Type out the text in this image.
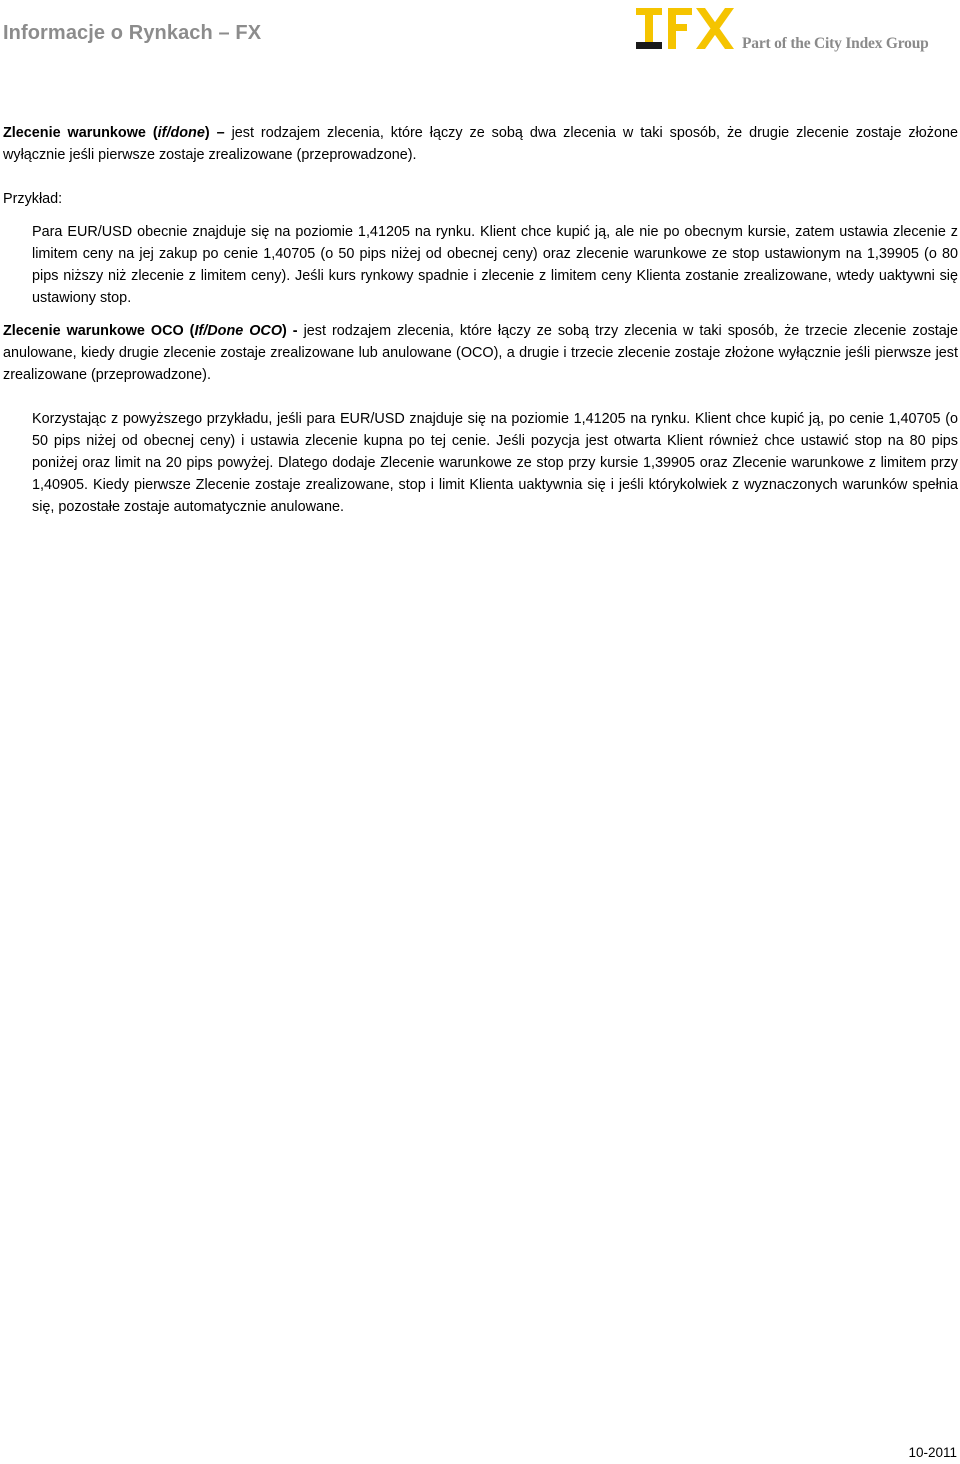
Informacje o Rynkach – FX	Part of the City Index Group

Zlecenie warunkowe (if/done) – jest rodzajem zlecenia, które łączy ze sobą dwa zlecenia w taki sposób, że drugie zlecenie zostaje złożone wyłącznie jeśli pierwsze zostaje zrealizowane (przeprowadzone).

Przykład:

Para EUR/USD obecnie znajduje się na poziomie 1,41205 na rynku. Klient chce kupić ją, ale nie po obecnym kursie, zatem ustawia zlecenie z limitem ceny na jej zakup po cenie 1,40705 (o 50 pips niżej od obecnej ceny) oraz zlecenie warunkowe ze stop ustawionym na 1,39905 (o 80 pips niższy niż zlecenie z limitem ceny). Jeśli kurs rynkowy spadnie i zlecenie z limitem ceny Klienta zostanie zrealizowane, wtedy uaktywni się ustawiony stop.

Zlecenie warunkowe OCO (If/Done OCO) - jest rodzajem zlecenia, które łączy ze sobą trzy zlecenia w taki sposób, że trzecie zlecenie zostaje anulowane, kiedy drugie zlecenie zostaje zrealizowane lub anulowane (OCO), a drugie i trzecie zlecenie zostaje złożone wyłącznie jeśli pierwsze jest zrealizowane (przeprowadzone).

Korzystając z powyższego przykładu, jeśli para EUR/USD znajduje się na poziomie 1,41205 na rynku. Klient chce kupić ją, po cenie 1,40705 (o 50 pips niżej od obecnej ceny) i ustawia zlecenie kupna po tej cenie. Jeśli pozycja jest otwarta Klient również chce ustawić stop na 80 pips poniżej oraz limit na 20 pips powyżej. Dlatego dodaje Zlecenie warunkowe ze stop przy kursie 1,39905 oraz Zlecenie warunkowe z limitem przy 1,40905. Kiedy pierwsze Zlecenie zostaje zrealizowane, stop i limit Klienta uaktywnia się i jeśli którykolwiek z wyznaczonych warunków spełnia się, pozostałe zostaje automatycznie anulowane.

10-2011
